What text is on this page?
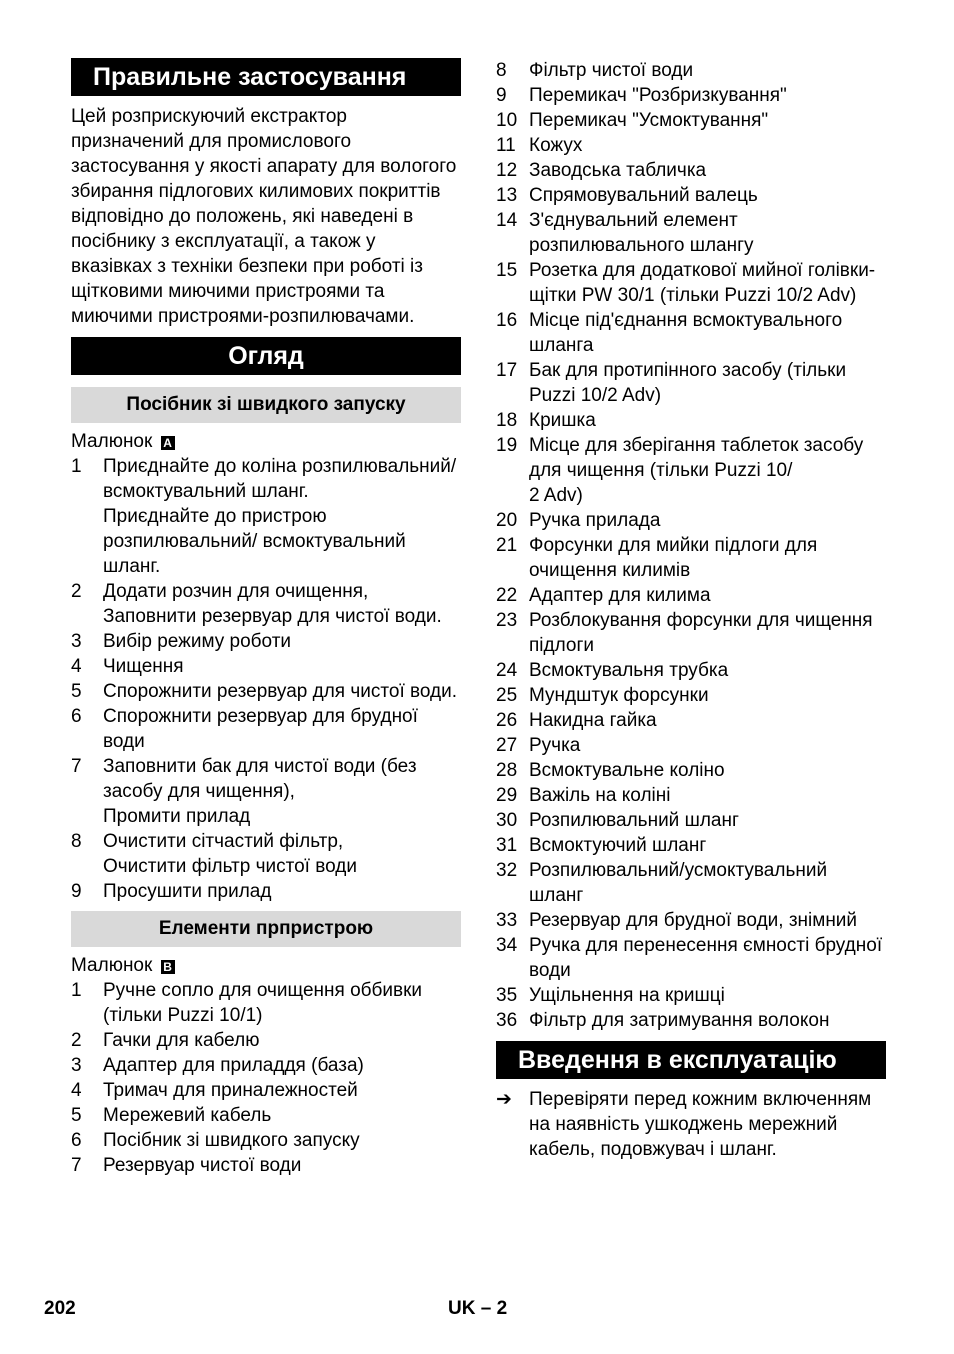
Правильне застосування

Цей розприскуючий екстрактор призначений для промислового застосування у якості апарату для вологого збирання підлогових килимових покриттів відповідно до положень, які наведені в посібнику з експлуатації, а також у вказівках з техніки безпеки при роботі із щітковими миючими пристроями та миючими пристроями-розпилювачами.

Огляд
Посібник зі швидкого запуску

Малюнок A

1	Приєднайте до коліна розпилювальний/ всмоктувальний шланг.
Приєднайте до пристрою розпилювальний/ всмоктувальний шланг.
2	Додати розчин для очищення,
Заповнити резервуар для чистої води.
3	Вибір режиму роботи
4	Чищення
5	Спорожнити резервуар для чистої води.
6	Спорожнити резервуар для брудної води
7	Заповнити бак для чистої води (без засобу для чищення),
Промити прилад
8	Очистити сітчастий фільтр,
Очистити фільтр чистої води
9	Просушити прилад
Елементи прпристрою

Малюнок B

1	Ручне сопло для очищення оббивки (тільки Puzzi 10/1)
2	Гачки для кабелю
3	Адаптер для приладдя (база)
4	Тримач для приналежностей
5	Мережевий кабель
6	Посібник зі швидкого запуску
7	Резервуар чистої води
8	Фільтр чистої води
9	Перемикач "Розбризкування"
10 Перемикач "Усмоктування"
11 Кожух
12 Заводська табличка
13 Спрямовувальний валець
14 З'єднувальний елемент розпилювального шлангу
15 Розетка для додаткової мийної голівки-щітки PW 30/1 (тільки Puzzi 10/2 Adv)
16 Місце під'єднання всмоктувального шланга
17 Бак для протипінного засобу (тільки Puzzi 10/2 Adv)
18 Кришка
19 Місце для зберігання таблеток засобу для чищення (тільки Puzzi 10/
2 Adv)
20 Ручка прилада
21 Форсунки для мийки підлоги для очищення килимів
22 Адаптер для килима
23 Розблокування форсунки для чищення підлоги
24 Всмоктувальня трубка
25 Мундштук форсунки
26 Накидна гайка
27 Ручка
28 Всмоктувальне коліно
29 Важіль на коліні
30 Розпилювальний шланг
31 Всмоктуючий шланг
32 Розпилювальний/усмоктувальний шланг
33 Резервуар для брудної води, знімний
34 Ручка для перенесення ємності брудної води
35 Ущільнення на кришці
36 Фільтр для затримування волокон
Введення в експлуатацію
➔ Перевіряти перед кожним включенням на наявність ушкоджень мережний кабель, подовжувач і шланг.
202	UK – 2
